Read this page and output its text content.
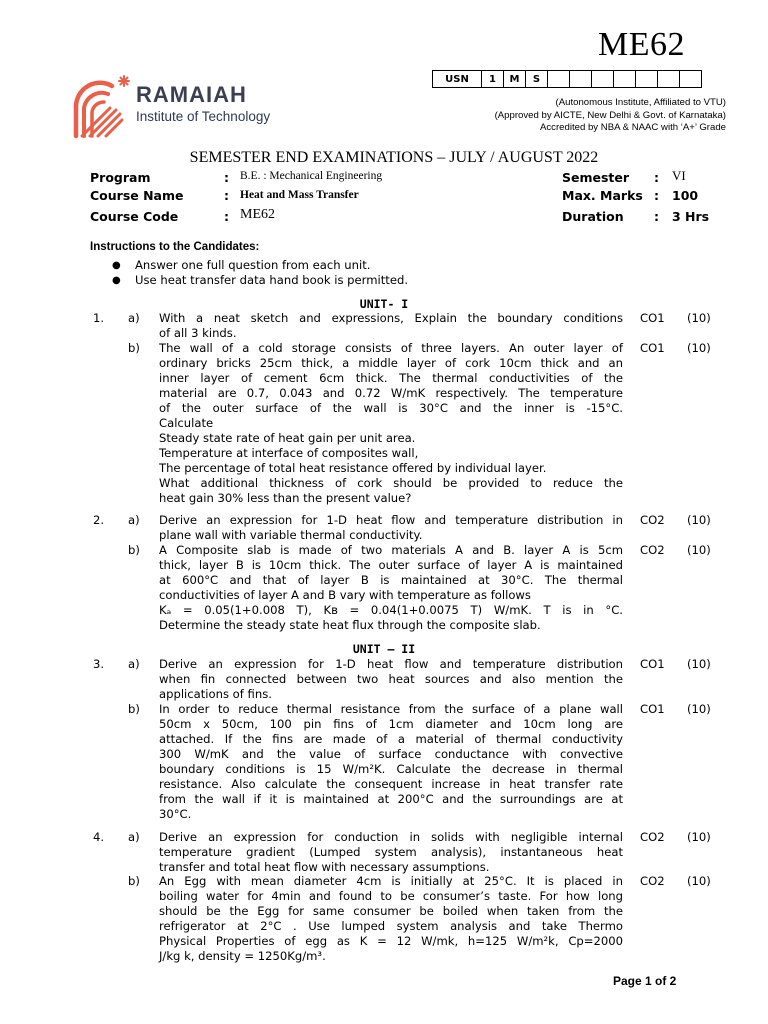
ME62
RAMAIAH
Institute of Technology
USN	1	M	S							
(Autonomous Institute, Affiliated to VTU)
(Approved by AICTE, New Delhi & Govt. of Karnataka)
Accredited by NBA & NAAC with ‘A+’ Grade
SEMESTER END EXAMINATIONS – JULY / AUGUST 2022
Program	: B.E. : Mechanical Engineering
Course Name	: Heat and Mass Transfer
Course Code	: ME62
Semester : VI
Max. Marks : 100
Duration : 3 Hrs
Instructions to the Candidates:
● Answer one full question from each unit.
● Use heat transfer data hand book is permitted.
UNIT- I
1. a) With a neat sketch and expressions, Explain the boundary conditions
of all 3 kinds.
CO1 (10)
b) The wall of a cold storage consists of three layers. An outer layer of
ordinary bricks 25cm thick, a middle layer of cork 10cm thick and an
inner layer of cement 6cm thick. The thermal conductivities of the
material are 0.7, 0.043 and 0.72 W/mK respectively. The temperature
of the outer surface of the wall is 30°C and the inner is -15°C.
Calculate
Steady state rate of heat gain per unit area.
Temperature at interface of composites wall,
The percentage of total heat resistance offered by individual layer.
What additional thickness of cork should be provided to reduce the
heat gain 30% less than the present value?
CO1 (10)
2. a) Derive an expression for 1-D heat flow and temperature distribution in
plane wall with variable thermal conductivity.
CO2 (10)
b) A Composite slab is made of two materials A and B. layer A is 5cm
thick, layer B is 10cm thick. The outer surface of layer A is maintained
at 600°C and that of layer B is maintained at 30°C. The thermal
conductivities of layer A and B vary with temperature as follows
Kₐ = 0.05(1+0.008 T), Kʙ = 0.04(1+0.0075 T) W/mK. T is in °C.
Determine the steady state heat flux through the composite slab.
CO2 (10)
UNIT – II
3. a) Derive an expression for 1-D heat flow and temperature distribution
when fin connected between two heat sources and also mention the
applications of fins.
CO1 (10)
b) In order to reduce thermal resistance from the surface of a plane wall
50cm x 50cm, 100 pin fins of 1cm diameter and 10cm long are
attached. If the fins are made of a material of thermal conductivity
300 W/mK and the value of surface conductance with convective
boundary conditions is 15 W/m²K. Calculate the decrease in thermal
resistance. Also calculate the consequent increase in heat transfer rate
from the wall if it is maintained at 200°C and the surroundings are at
30°C.
CO1 (10)
4. a) Derive an expression for conduction in solids with negligible internal
temperature gradient (Lumped system analysis), instantaneous heat
transfer and total heat flow with necessary assumptions.
CO2 (10)
b) An Egg with mean diameter 4cm is initially at 25°C. It is placed in
boiling water for 4min and found to be consumer’s taste. For how long
should be the Egg for same consumer be boiled when taken from the
refrigerator at 2°C . Use lumped system analysis and take Thermo
Physical Properties of egg as K = 12 W/mk, h=125 W/m²k, Cp=2000
J/kg k, density = 1250Kg/m³.
CO2 (10)
Page 1 of 2
